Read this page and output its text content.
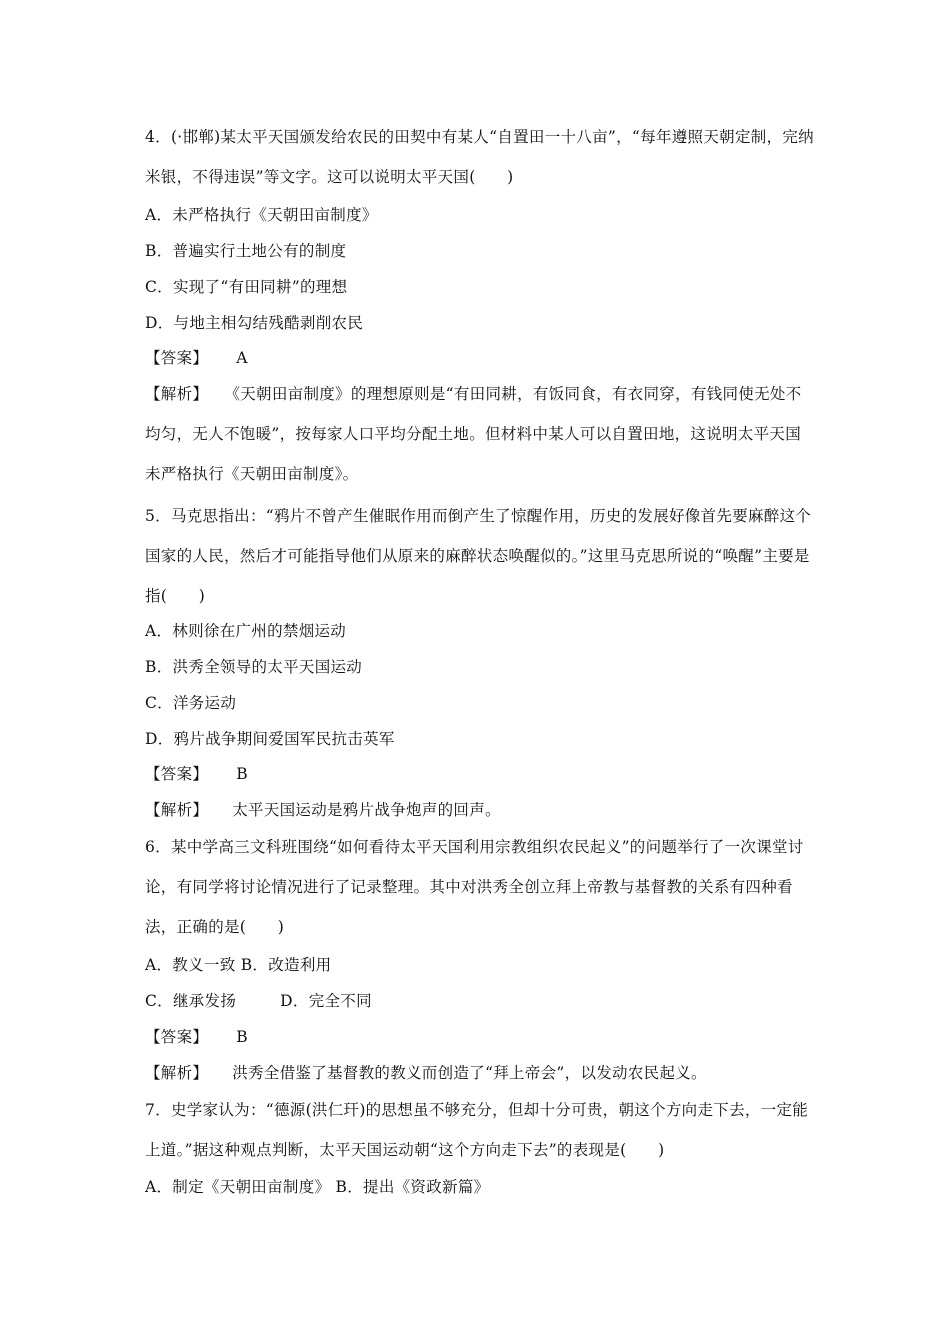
4．(·邯郸)某太平天国颁发给农民的田契中有某人“自置田一十八亩”，“每年遵照天朝定制，完纳米银，不得违误”等文字。这可以说明太平天国(　　)
A．未严格执行《天朝田亩制度》
B．普遍实行土地公有的制度
C．实现了“有田同耕”的理想
D．与地主相勾结残酷剥削农民
【答案】 A
【解析】 《天朝田亩制度》的理想原则是“有田同耕，有饭同食，有衣同穿，有钱同使无处不均匀，无人不饱暖”，按每家人口平均分配土地。但材料中某人可以自置田地，这说明太平天国未严格执行《天朝田亩制度》。
5．马克思指出：“鸦片不曾产生催眠作用而倒产生了惊醒作用，历史的发展好像首先要麻醉这个国家的人民，然后才可能指导他们从原来的麻醉状态唤醒似的。”这里马克思所说的“唤醒”主要是指(　　)
A．林则徐在广州的禁烟运动
B．洪秀全领导的太平天国运动
C．洋务运动
D．鸦片战争期间爱国军民抗击英军
【答案】 B
【解析】 太平天国运动是鸦片战争炮声的回声。
6．某中学高三文科班围绕“如何看待太平天国利用宗教组织农民起义”的问题举行了一次课堂讨论，有同学将讨论情况进行了记录整理。其中对洪秀全创立拜上帝教与基督教的关系有四种看法，正确的是(　　)
A．教义一致 B．改造利用
C．继承发扬	D．完全不同
【答案】 B
【解析】 洪秀全借鉴了基督教的教义而创造了“拜上帝会”，以发动农民起义。
7．史学家认为：“德源(洪仁玕)的思想虽不够充分，但却十分可贵，朝这个方向走下去，一定能上道。”据这种观点判断，太平天国运动朝“这个方向走下去”的表现是(　　)
A．制定《天朝田亩制度》 B．提出《资政新篇》
